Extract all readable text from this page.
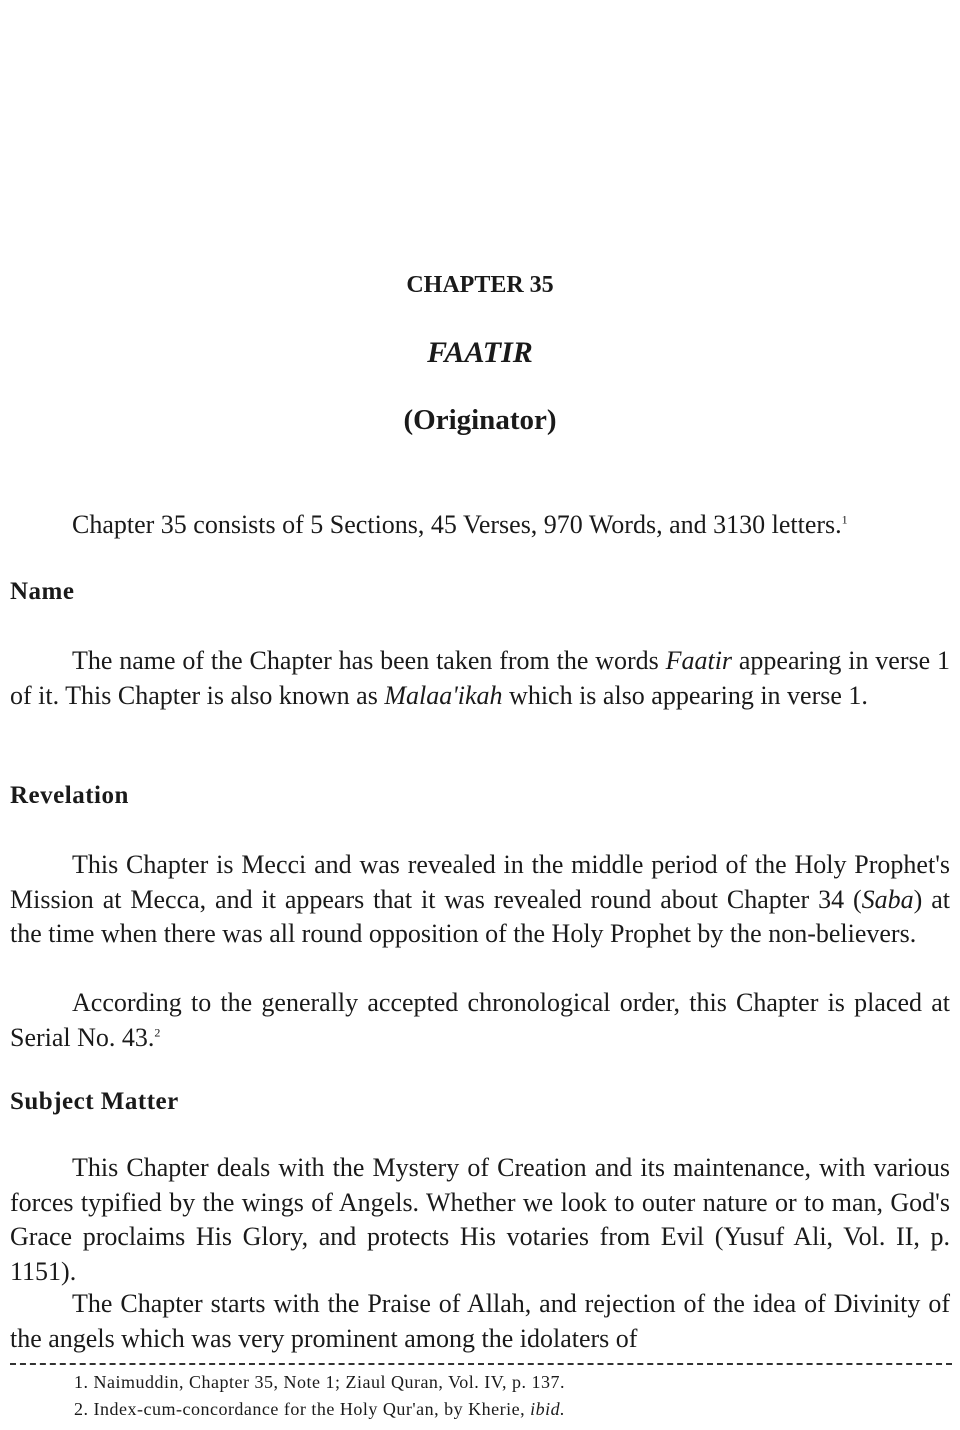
CHAPTER 35
FAATIR
(Originator)
Chapter 35 consists of 5 Sections, 45 Verses, 970 Words, and 3130 letters.$^1$
Name
The name of the Chapter has been taken from the words Faatir appearing in verse 1 of it. This Chapter is also known as Malaa'ikah which is also appearing in verse 1.
Revelation
This Chapter is Mecci and was revealed in the middle period of the Holy Prophet's Mission at Mecca, and it appears that it was revealed round about Chapter 34 (Saba) at the time when there was all round opposition of the Holy Prophet by the non-believers.
According to the generally accepted chronological order, this Chapter is placed at Serial No. 43.$^2$
Subject Matter
This Chapter deals with the Mystery of Creation and its maintenance, with various forces typified by the wings of Angels. Whether we look to outer nature or to man, God's Grace proclaims His Glory, and protects His votaries from Evil (Yusuf Ali, Vol. II, p. 1151).
The Chapter starts with the Praise of Allah, and rejection of the idea of Divinity of the angels which was very prominent among the idolaters of
1. Naimuddin, Chapter 35, Note 1; Ziaul Quran, Vol. IV, p. 137.
2. Index-cum-concordance for the Holy Qur'an, by Kherie, ibid.
